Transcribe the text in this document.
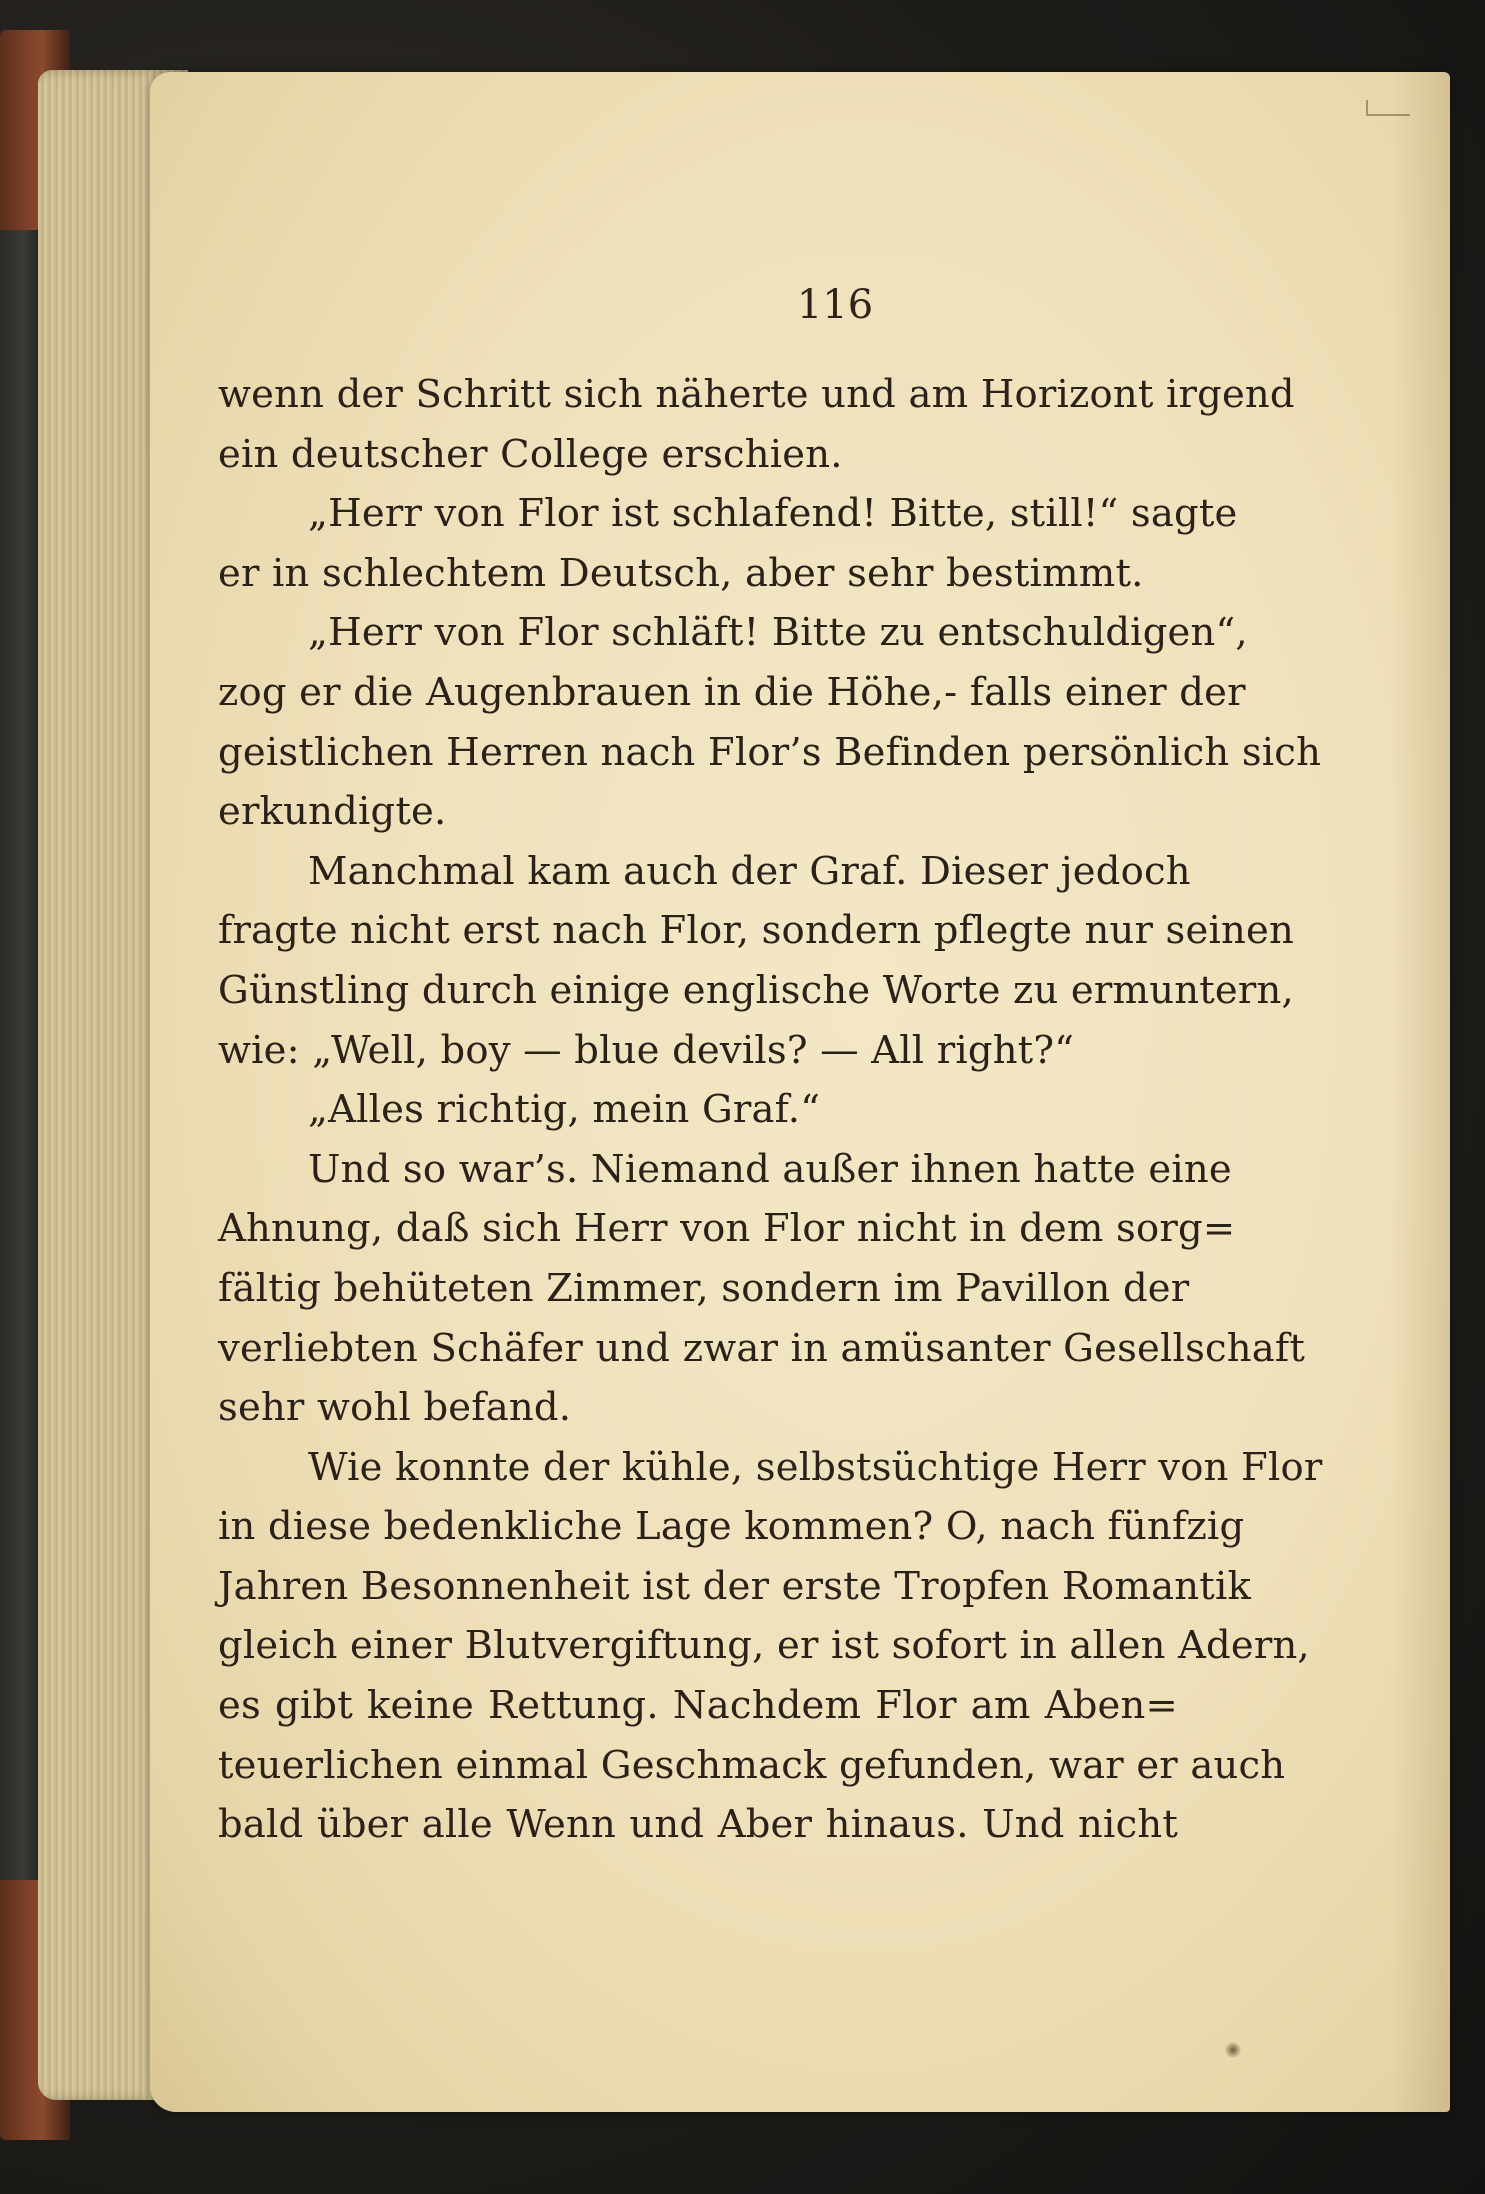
116
wenn der Schritt sich näherte und am Horizont irgend
ein deutscher College erschien.
„Herr von Flor ist schlafend! Bitte, still!“ sagte
er in schlechtem Deutsch, aber sehr bestimmt.
„Herr von Flor schläft! Bitte zu entschuldigen“,
zog er die Augenbrauen in die Höhe,- falls einer der
geistlichen Herren nach Flor’s Befinden persönlich sich
erkundigte.
Manchmal kam auch der Graf. Dieser jedoch
fragte nicht erst nach Flor, sondern pflegte nur seinen
Günstling durch einige englische Worte zu ermuntern,
wie: „Well, boy — blue devils? — All right?“
„Alles richtig, mein Graf.“
Und so war’s. Niemand außer ihnen hatte eine
Ahnung, daß sich Herr von Flor nicht in dem sorg=
fältig behüteten Zimmer, sondern im Pavillon der
verliebten Schäfer und zwar in amüsanter Gesellschaft
sehr wohl befand.
Wie konnte der kühle, selbstsüchtige Herr von Flor
in diese bedenkliche Lage kommen? O, nach fünfzig
Jahren Besonnenheit ist der erste Tropfen Romantik
gleich einer Blutvergiftung, er ist sofort in allen Adern,
es gibt keine Rettung. Nachdem Flor am Aben=
teuerlichen einmal Geschmack gefunden, war er auch
bald über alle Wenn und Aber hinaus. Und nicht
